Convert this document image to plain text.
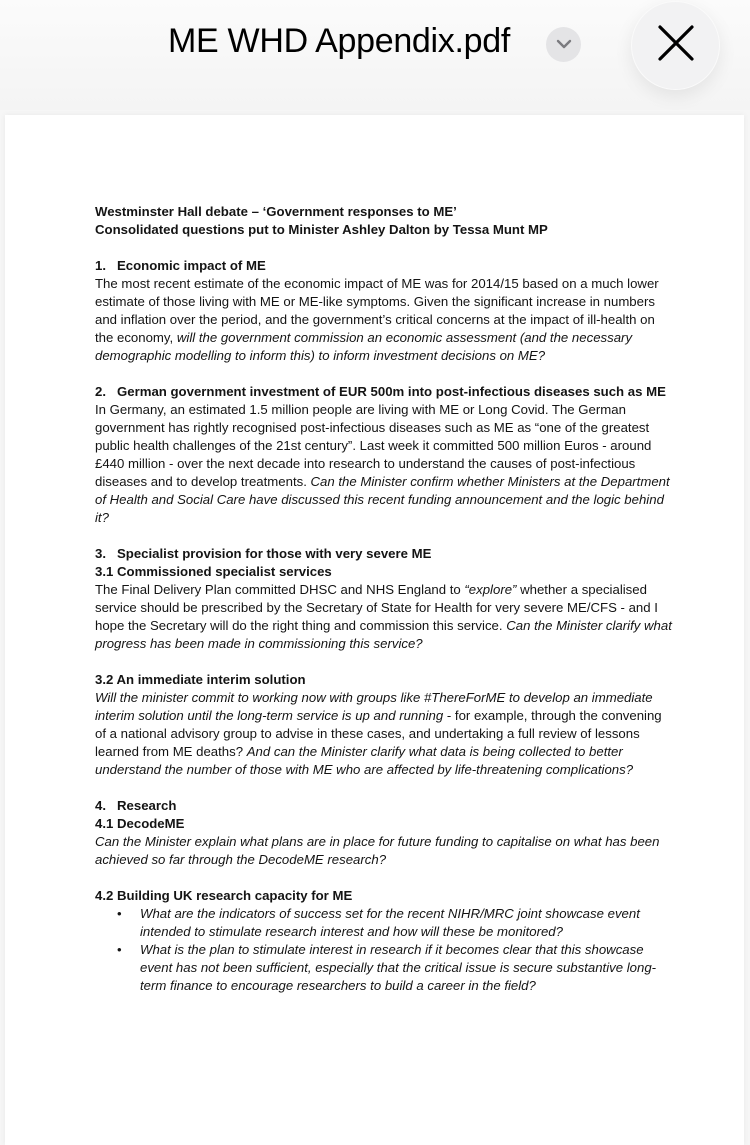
ME WHD Appendix.pdf

Westminster Hall debate – ‘Government responses to ME’

Consolidated questions put to Minister Ashley Dalton by Tessa Munt MP

1. Economic impact of ME

The most recent estimate of the economic impact of ME was for 2014/15 based on a much lower estimate of those living with ME or ME-like symptoms. Given the significant increase in numbers and inflation over the period, and the government’s critical concerns at the impact of ill-health on the economy, will the government commission an economic assessment (and the necessary demographic modelling to inform this) to inform investment decisions on ME?

2. German government investment of EUR 500m into post-infectious diseases such as ME

In Germany, an estimated 1.5 million people are living with ME or Long Covid. The German government has rightly recognised post-infectious diseases such as ME as “one of the greatest public health challenges of the 21st century”. Last week it committed 500 million Euros - around £440 million - over the next decade into research to understand the causes of post-infectious diseases and to develop treatments. Can the Minister confirm whether Ministers at the Department of Health and Social Care have discussed this recent funding announcement and the logic behind it?

3. Specialist provision for those with very severe ME

3.1 Commissioned specialist services

The Final Delivery Plan committed DHSC and NHS England to “explore” whether a specialised service should be prescribed by the Secretary of State for Health for very severe ME/CFS - and I hope the Secretary will do the right thing and commission this service. Can the Minister clarify what progress has been made in commissioning this service?

3.2 An immediate interim solution

Will the minister commit to working now with groups like #ThereForME to develop an immediate interim solution until the long-term service is up and running - for example, through the convening of a national advisory group to advise in these cases, and undertaking a full review of lessons learned from ME deaths? And can the Minister clarify what data is being collected to better understand the number of those with ME who are affected by life-threatening complications?

4. Research

4.1 DecodeME

Can the Minister explain what plans are in place for future funding to capitalise on what has been achieved so far through the DecodeME research?

4.2 Building UK research capacity for ME

•	What are the indicators of success set for the recent NIHR/MRC joint showcase event intended to stimulate research interest and how will these be monitored?
•	What is the plan to stimulate interest in research if it becomes clear that this showcase event has not been sufficient, especially that the critical issue is secure substantive long-term finance to encourage researchers to build a career in the field?
